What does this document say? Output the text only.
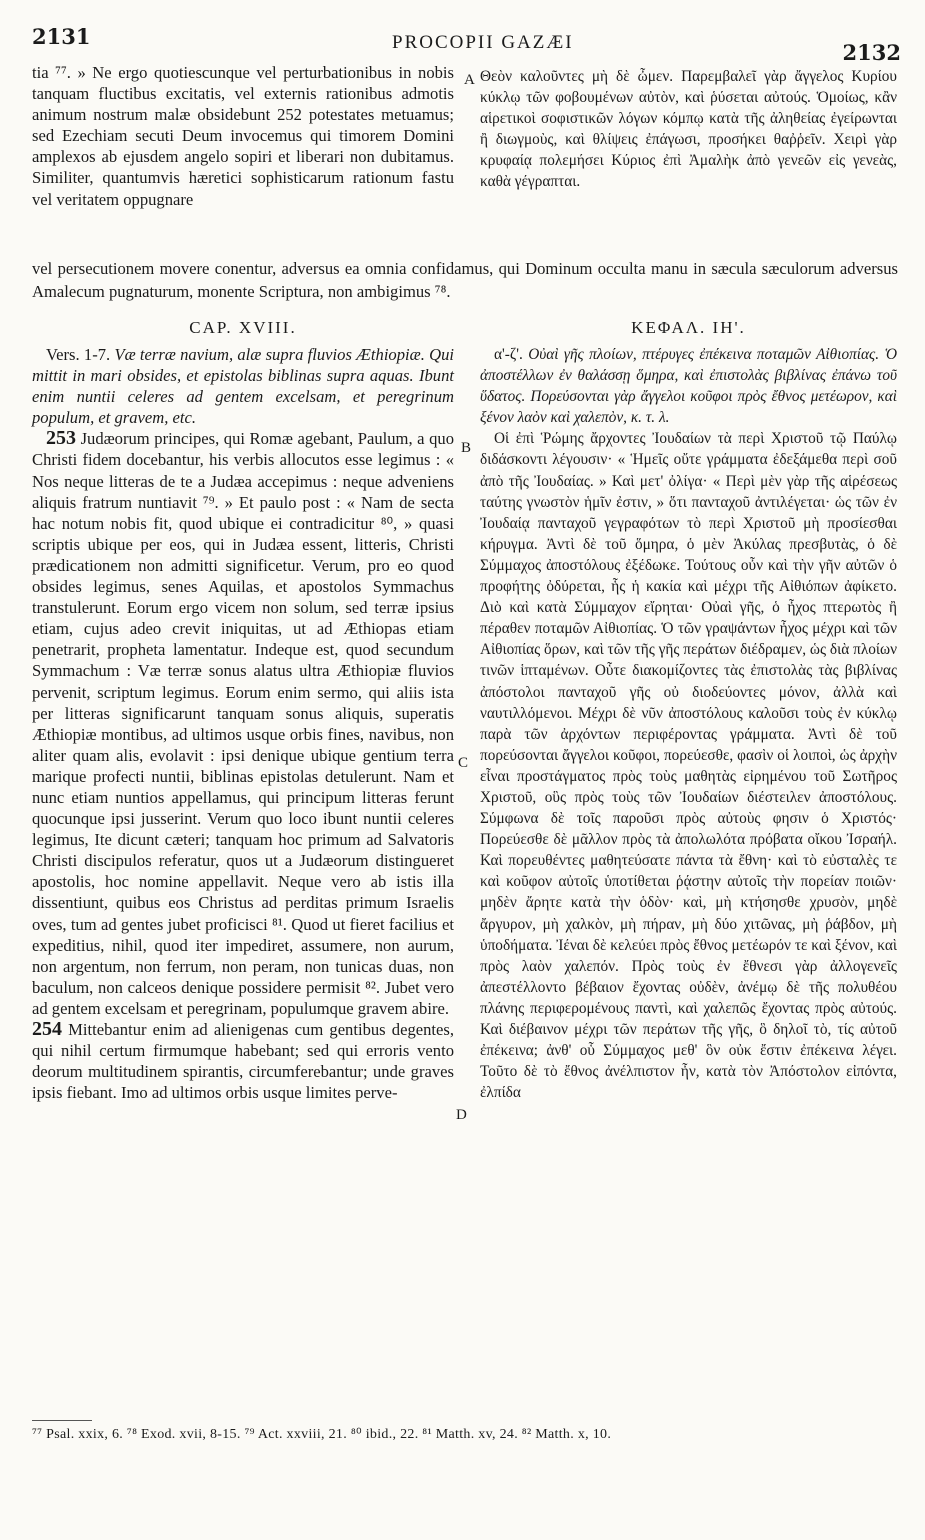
2131	PROCOPII GAZÆI	2132
A
B
C
D

tia ⁷⁷. » Ne ergo quotiescunque vel perturbationibus in nobis tanquam fluctibus excitatis, vel externis rationibus admotis animum nostrum malæ obsidebunt 252 potestates metuamus; sed Ezechiam secuti Deum invocemus qui timorem Domini amplexos ab ejusdem angelo sopiri et liberari non dubitamus. Similiter, quantumvis hæretici sophisticarum rationum fastu vel veritatem oppugnare

Θεὸν καλοῦντες μὴ δὲ ὦμεν. Παρεμβαλεῖ γὰρ ἄγγελος Κυρίου κύκλῳ τῶν φοβουμένων αὐτὸν, καὶ ῥύσεται αὐτούς. Ὁμοίως, κἂν αἱρετικοὶ σοφιστικῶν λόγων κόμπῳ κατὰ τῆς ἀληθείας ἐγείρωνται ἢ διωγμοὺς, καὶ θλίψεις ἐπάγωσι, προσήκει θαῤῥεῖν. Χειρὶ γὰρ κρυφαίᾳ πολεμήσει Κύριος ἐπὶ Ἀμαλὴκ ἀπὸ γενεῶν εἰς γενεὰς, καθὰ γέγραπται.

vel persecutionem movere conentur, adversus ea omnia confidamus, qui Dominum occulta manu in sæcula sæculorum adversus Amalecum pugnaturum, monente Scriptura, non ambigimus ⁷⁸.

CAP. XVIII.	ΚΕΦΑΛ. ΙΗ'.

Vers. 1-7. Væ terræ navium, alæ supra fluvios Æthiopiæ. Qui mittit in mari obsides, et epistolas biblinas supra aquas. Ibunt enim nuntii celeres ad gentem excelsam, et peregrinum populum, et gravem, etc.

253 Judæorum principes, qui Romæ agebant, Paulum, a quo Christi fidem docebantur, his verbis allocutos esse legimus : « Nos neque litteras de te a Judæa accepimus : neque adveniens aliquis fratrum nuntiavit ⁷⁹. » Et paulo post : « Nam de secta hac notum nobis fit, quod ubique ei contradicitur ⁸⁰, » quasi scriptis ubique per eos, qui in Judæa essent, litteris, Christi prædicationem non admitti significetur. Verum, pro eo quod obsides legimus, senes Aquilas, et apostolos Symmachus transtulerunt. Eorum ergo vicem non solum, sed terræ ipsius etiam, cujus adeo crevit iniquitas, ut ad Æthiopas etiam penetrarit, propheta lamentatur. Indeque est, quod secundum Symmachum : Væ terræ sonus alatus ultra Æthiopiæ fluvios pervenit, scriptum legimus. Eorum enim sermo, qui aliis ista per litteras significarunt tanquam sonus aliquis, superatis Æthiopiæ montibus, ad ultimos usque orbis fines, navibus, non aliter quam alis, evolavit : ipsi denique ubique gentium terra marique profecti nuntii, biblinas epistolas detulerunt. Nam et nunc etiam nuntios appellamus, qui principum litteras ferunt quocunque ipsi jusserint. Verum quo loco ibunt nuntii celeres legimus, Ite dicunt cæteri; tanquam hoc primum ad Salvatoris Christi discipulos referatur, quos ut a Judæorum distingueret apostolis, hoc nomine appellavit. Neque vero ab istis illa dissentiunt, quibus eos Christus ad perditas primum Israelis oves, tum ad gentes jubet proficisci ⁸¹. Quod ut fieret facilius et expeditius, nihil, quod iter impediret, assumere, non aurum, non argentum, non ferrum, non peram, non tunicas duas, non baculum, non calceos denique possidere permisit ⁸². Jubet vero ad gentem excelsam et peregrinam, populumque gravem abire.

254 Mittebantur enim ad alienigenas cum gentibus degentes, qui nihil certum firmumque habebant; sed qui erroris vento deorum multitudinem spirantis, circumferebantur; unde graves ipsis fiebant. Imo ad ultimos orbis usque limites perve-

α'-ζ'. Οὐαὶ γῆς πλοίων, πτέρυγες ἐπέκεινα ποταμῶν Αἰθιοπίας. Ὁ ἀποστέλλων ἐν θαλάσσῃ ὅμηρα, καὶ ἐπιστολὰς βιβλίνας ἐπάνω τοῦ ὕδατος. Πορεύσονται γὰρ ἄγγελοι κοῦφοι πρὸς ἔθνος μετέωρον, καὶ ξένον λαὸν καὶ χαλεπὸν, κ. τ. λ.

Οἱ ἐπὶ Ῥώμης ἄρχοντες Ἰουδαίων τὰ περὶ Χριστοῦ τῷ Παύλῳ διδάσκοντι λέγουσιν· « Ἡμεῖς οὔτε γράμματα ἐδεξάμεθα περὶ σοῦ ἀπὸ τῆς Ἰουδαίας. » Καὶ μετ' ὀλίγα· « Περὶ μὲν γὰρ τῆς αἱρέσεως ταύτης γνωστὸν ἡμῖν ἐστιν, » ὅτι πανταχοῦ ἀντιλέγεται· ὡς τῶν ἐν Ἰουδαίᾳ πανταχοῦ γεγραφότων τὸ περὶ Χριστοῦ μὴ προσίεσθαι κήρυγμα. Ἀντὶ δὲ τοῦ ὅμηρα, ὁ μὲν Ἀκύλας πρεσβυτὰς, ὁ δὲ Σύμμαχος ἀποστόλους ἐξέδωκε. Τούτους οὖν καὶ τὴν γῆν αὐτῶν ὁ προφήτης ὀδύρεται, ἧς ἡ κακία καὶ μέχρι τῆς Αἰθιόπων ἀφίκετο. Διὸ καὶ κατὰ Σύμμαχον εἴρηται· Οὐαὶ γῆς, ὁ ἦχος πτερωτὸς ἢ πέραθεν ποταμῶν Αἰθιοπίας. Ὁ τῶν γραψάντων ἦχος μέχρι καὶ τῶν Αἰθιοπίας ὅρων, καὶ τῶν τῆς γῆς περάτων διέδραμεν, ὡς διὰ πλοίων τινῶν ἱπταμένων. Οὗτε διακομίζοντες τὰς ἐπιστολὰς τὰς βιβλίνας ἀπόστολοι πανταχοῦ γῆς οὐ διοδεύοντες μόνον, ἀλλὰ καὶ ναυτιλλόμενοι. Μέχρι δὲ νῦν ἀποστόλους καλοῦσι τοὺς ἐν κύκλῳ παρὰ τῶν ἀρχόντων περιφέροντας γράμματα. Ἀντὶ δὲ τοῦ πορεύσονται ἄγγελοι κοῦφοι, πορεύεσθε, φασὶν οἱ λοιποὶ, ὡς ἀρχὴν εἶναι προστάγματος πρὸς τοὺς μαθητὰς εἰρημένου τοῦ Σωτῆρος Χριστοῦ, οὓς πρὸς τοὺς τῶν Ἰουδαίων διέστειλεν ἀποστόλους. Σύμφωνα δὲ τοῖς παροῦσι πρὸς αὐτοὺς φησιν ὁ Χριστός· Πορεύεσθε δὲ μᾶλλον πρὸς τὰ ἀπολωλότα πρόβατα οἴκου Ἰσραήλ. Καὶ πορευθέντες μαθητεύσατε πάντα τὰ ἔθνη· καὶ τὸ εὐσταλὲς τε καὶ κοῦφον αὐτοῖς ὑποτίθεται ῥᾴστην αὐτοῖς τὴν πορείαν ποιῶν· μηδὲν ἄρητε κατὰ τὴν ὁδὸν· καὶ, μὴ κτήσησθε χρυσὸν, μηδὲ ἄργυρον, μὴ χαλκὸν, μὴ πήραν, μὴ δύο χιτῶνας, μὴ ῥάβδον, μὴ ὑποδήματα. Ἰέναι δὲ κελεύει πρὸς ἔθνος μετέωρόν τε καὶ ξένον, καὶ πρὸς λαὸν χαλεπόν. Πρὸς τοὺς ἐν ἔθνεσι γὰρ ἀλλογενεῖς ἀπεστέλλοντο βέβαιον ἔχοντας οὐδὲν, ἀνέμῳ δὲ τῆς πολυθέου πλάνης περιφερομένους παντὶ, καὶ χαλεπῶς ἔχοντας πρὸς αὐτούς. Καὶ διέβαινον μέχρι τῶν περάτων τῆς γῆς, ὃ δηλοῖ τὸ, τίς αὐτοῦ ἐπέκεινα; ἀνθ' οὗ Σύμμαχος μεθ' ὃν οὐκ ἔστιν ἐπέκεινα λέγει. Τοῦτο δὲ τὸ ἔθνος ἀνέλπιστον ἦν, κατὰ τὸν Ἀπόστολον εἰπόντα, ἐλπίδα

⁷⁷ Psal. xxix, 6. ⁷⁸ Exod. xvii, 8-15. ⁷⁹ Act. xxviii, 21. ⁸⁰ ibid., 22. ⁸¹ Matth. xv, 24. ⁸² Matth. x, 10.
